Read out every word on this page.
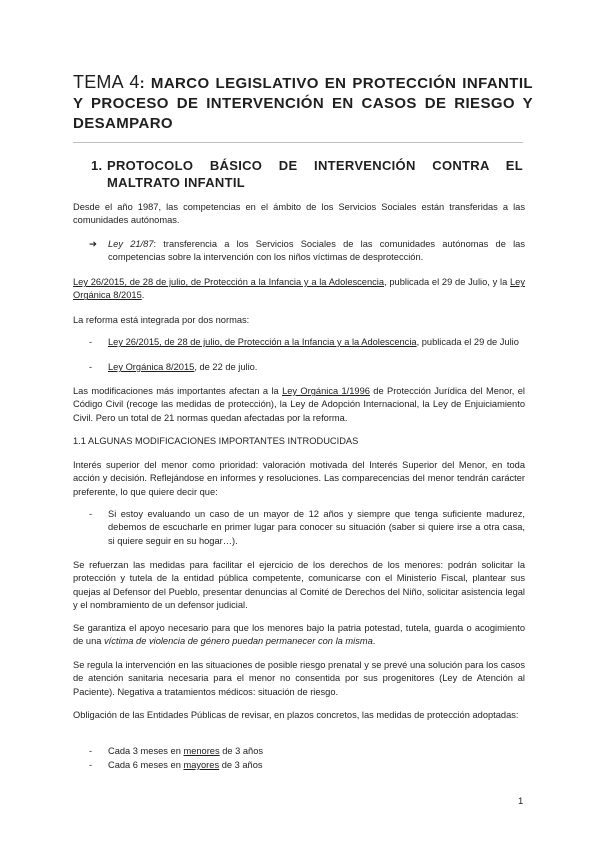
TEMA 4: MARCO LEGISLATIVO EN PROTECCIÓN INFANTIL Y PROCESO DE INTERVENCIÓN EN CASOS DE RIESGO Y DESAMPARO
1. PROTOCOLO BÁSICO DE INTERVENCIÓN CONTRA EL MALTRATO INFANTIL
Desde el año 1987, las competencias en el ámbito de los Servicios Sociales están transferidas a las comunidades autónomas.
➔ Ley 21/87: transferencia a los Servicios Sociales de las comunidades autónomas de las competencias sobre la intervención con los niños víctimas de desprotección.
Ley 26/2015, de 28 de julio, de Protección a la Infancia y a la Adolescencia, publicada el 29 de Julio, y la Ley Orgánica 8/2015.
La reforma está integrada por dos normas:
- Ley 26/2015, de 28 de julio, de Protección a la Infancia y a la Adolescencia, publicada el 29 de Julio
- Ley Orgánica 8/2015, de 22 de julio.
Las modificaciones más importantes afectan a la Ley Orgánica 1/1996 de Protección Jurídica del Menor, el Código Civil (recoge las medidas de protección), la Ley de Adopción Internacional, la Ley de Enjuiciamiento Civil. Pero un total de 21 normas quedan afectadas por la reforma.
1.1 ALGUNAS MODIFICACIONES IMPORTANTES INTRODUCIDAS
Interés superior del menor como prioridad: valoración motivada del Interés Superior del Menor, en toda acción y decisión. Reflejándose en informes y resoluciones. Las comparecencias del menor tendrán carácter preferente, lo que quiere decir que:
- Si estoy evaluando un caso de un mayor de 12 años y siempre que tenga suficiente madurez, debemos de escucharle en primer lugar para conocer su situación (saber si quiere irse a otra casa, si quiere seguir en su hogar…).
Se refuerzan las medidas para facilitar el ejercicio de los derechos de los menores: podrán solicitar la protección y tutela de la entidad pública competente, comunicarse con el Ministerio Fiscal, plantear sus quejas al Defensor del Pueblo, presentar denuncias al Comité de Derechos del Niño, solicitar asistencia legal y el nombramiento de un defensor judicial.
Se garantiza el apoyo necesario para que los menores bajo la patria potestad, tutela, guarda o acogimiento de una víctima de violencia de género puedan permanecer con la misma.
Se regula la intervención en las situaciones de posible riesgo prenatal y se prevé una solución para los casos de atención sanitaria necesaria para el menor no consentida por sus progenitores (Ley de Atención al Paciente). Negativa a tratamientos médicos: situación de riesgo.
Obligación de las Entidades Públicas de revisar, en plazos concretos, las medidas de protección adoptadas:
- Cada 3 meses en menores de 3 años
- Cada 6 meses en mayores de 3 años
1
